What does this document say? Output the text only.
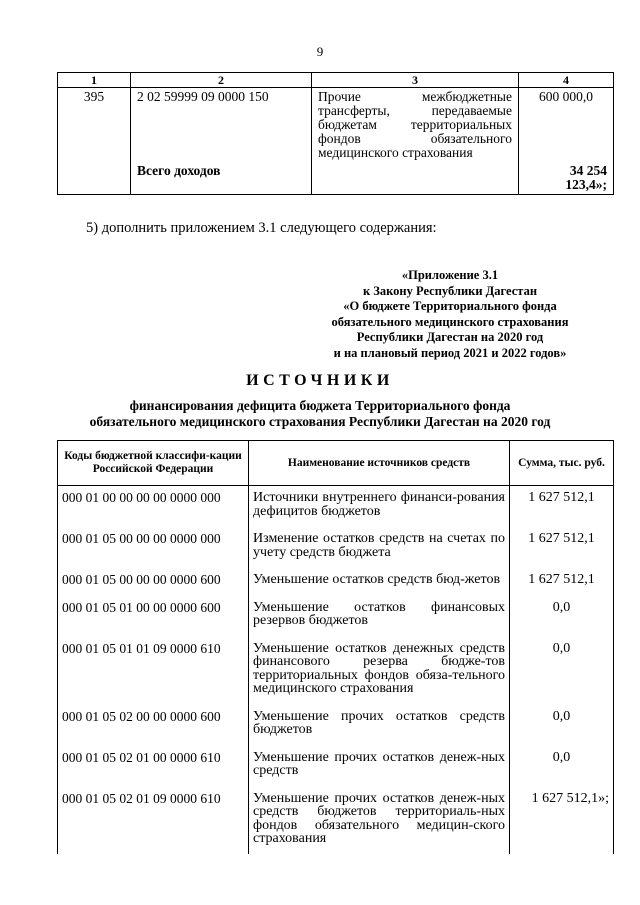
9
1	2	3	4
395	2 02 59999 09 0000 150	Прочие межбюджетные трансферты, передаваемые бюджетам территориальных фондов обязательного медицинского страхования	600 000,0
	Всего доходов		34 254 123,4»;
5) дополнить приложением 3.1 следующего содержания:
«Приложение 3.1
к Закону Республики Дагестан
«О бюджете Территориального фонда
обязательного медицинского страхования
Республики Дагестан на 2020 год
и на плановый период 2021 и 2022 годов»
ИСТОЧНИКИ
финансирования дефицита бюджета Территориального фонда
обязательного медицинского страхования Республики Дагестан на 2020 год
Коды бюджетной классифи-кации Российской Федерации	Наименование источников средств	Сумма, тыс. руб.
000 01 00 00 00 00 0000 000	Источники внутреннего финанси-рования дефицитов бюджетов	1 627 512,1
000 01 05 00 00 00 0000 000	Изменение остатков средств на счетах по учету средств бюджета	1 627 512,1
000 01 05 00 00 00 0000 600	Уменьшение остатков средств бюд-жетов	1 627 512,1
000 01 05 01 00 00 0000 600	Уменьшение остатков финансовых резервов бюджетов	0,0
000 01 05 01 01 09 0000 610	Уменьшение остатков денежных средств финансового резерва бюдже-тов территориальных фондов обяза-тельного медицинского страхования	0,0
000 01 05 02 00 00 0000 600	Уменьшение прочих остатков средств бюджетов	0,0
000 01 05 02 01 00 0000 610	Уменьшение прочих остатков денеж-ных средств	0,0
000 01 05 02 01 09 0000 610	Уменьшение прочих остатков денеж-ных средств бюджетов территориаль-ных фондов обязательного медицин-ского страхования	1 627 512,1»;
